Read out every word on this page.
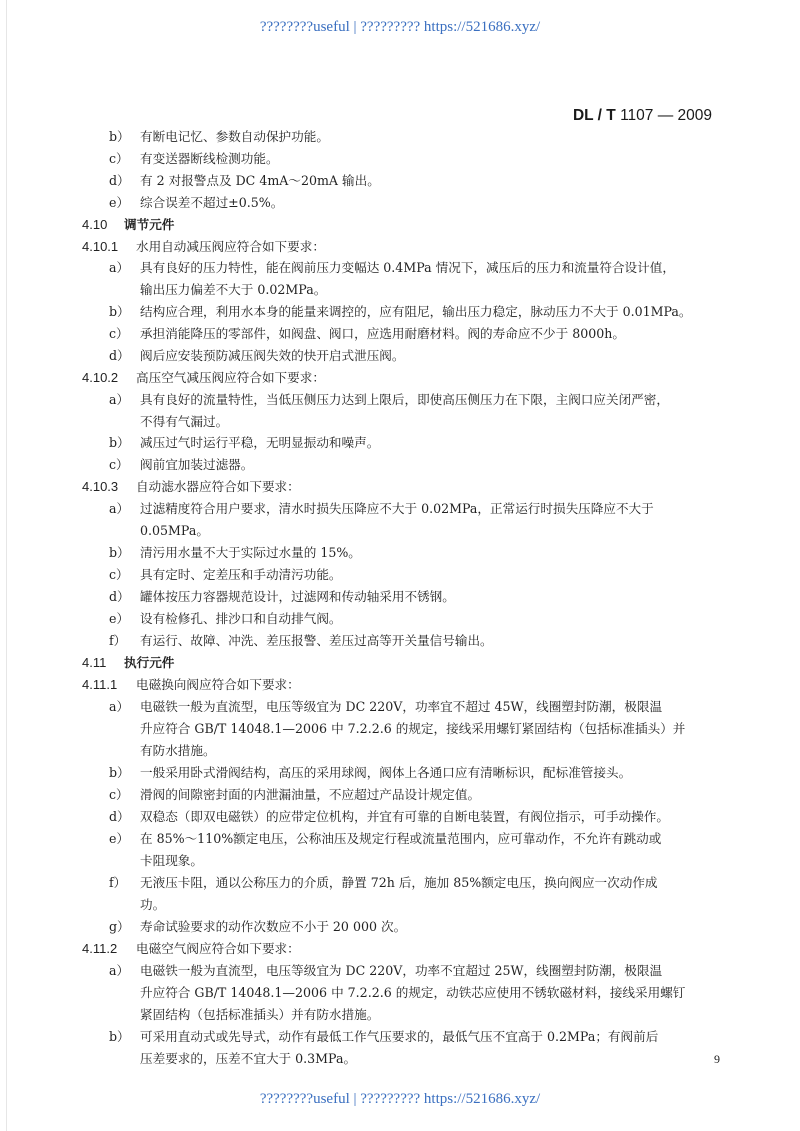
????????useful | ????????? https://521686.xyz/
DL / T 1107 — 2009
b） 有断电记忆、参数自动保护功能。
c） 有变送器断线检测功能。
d） 有 2 对报警点及 DC 4mA～20mA 输出。
e） 综合误差不超过±0.5%。
4.10 调节元件
4.10.1 水用自动减压阀应符合如下要求：
a） 具有良好的压力特性，能在阀前压力变幅达 0.4MPa 情况下，减压后的压力和流量符合设计值，
输出压力偏差不大于 0.02MPa。
b） 结构应合理，利用水本身的能量来调控的，应有阻尼，输出压力稳定，脉动压力不大于 0.01MPa。
c） 承担消能降压的零部件，如阀盘、阀口，应选用耐磨材料。阀的寿命应不少于 8000h。
d） 阀后应安装预防减压阀失效的快开启式泄压阀。
4.10.2 高压空气减压阀应符合如下要求：
a） 具有良好的流量特性，当低压侧压力达到上限后，即使高压侧压力在下限，主阀口应关闭严密，
不得有气漏过。
b） 减压过气时运行平稳，无明显振动和噪声。
c） 阀前宜加装过滤器。
4.10.3 自动滤水器应符合如下要求：
a） 过滤精度符合用户要求，清水时损失压降应不大于 0.02MPa，正常运行时损失压降应不大于
0.05MPa。
b） 清污用水量不大于实际过水量的 15%。
c） 具有定时、定差压和手动清污功能。
d） 罐体按压力容器规范设计，过滤网和传动轴采用不锈钢。
e） 设有检修孔、排沙口和自动排气阀。
f） 有运行、故障、冲洗、差压报警、差压过高等开关量信号输出。
4.11 执行元件
4.11.1 电磁换向阀应符合如下要求：
a） 电磁铁一般为直流型，电压等级宜为 DC 220V，功率宜不超过 45W，线圈塑封防潮，极限温
升应符合 GB/T 14048.1—2006 中 7.2.2.6 的规定，接线采用螺钉紧固结构（包括标准插头）并
有防水措施。
b） 一般采用卧式滑阀结构，高压的采用球阀，阀体上各通口应有清晰标识，配标准管接头。
c） 滑阀的间隙密封面的内泄漏油量，不应超过产品设计规定值。
d） 双稳态（即双电磁铁）的应带定位机构，并宜有可靠的自断电装置，有阀位指示，可手动操作。
e） 在 85%～110%额定电压，公称油压及规定行程或流量范围内，应可靠动作，不允许有跳动或
卡阻现象。
f） 无液压卡阻，通以公称压力的介质，静置 72h 后，施加 85%额定电压，换向阀应一次动作成
功。
g） 寿命试验要求的动作次数应不小于 20 000 次。
4.11.2 电磁空气阀应符合如下要求：
a） 电磁铁一般为直流型，电压等级宜为 DC 220V，功率不宜超过 25W，线圈塑封防潮，极限温
升应符合 GB/T 14048.1—2006 中 7.2.2.6 的规定，动铁芯应使用不锈软磁材料，接线采用螺钉
紧固结构（包括标准插头）并有防水措施。
b） 可采用直动式或先导式，动作有最低工作气压要求的，最低气压不宜高于 0.2MPa；有阀前后
压差要求的，压差不宜大于 0.3MPa。	9
????????useful | ????????? https://521686.xyz/
